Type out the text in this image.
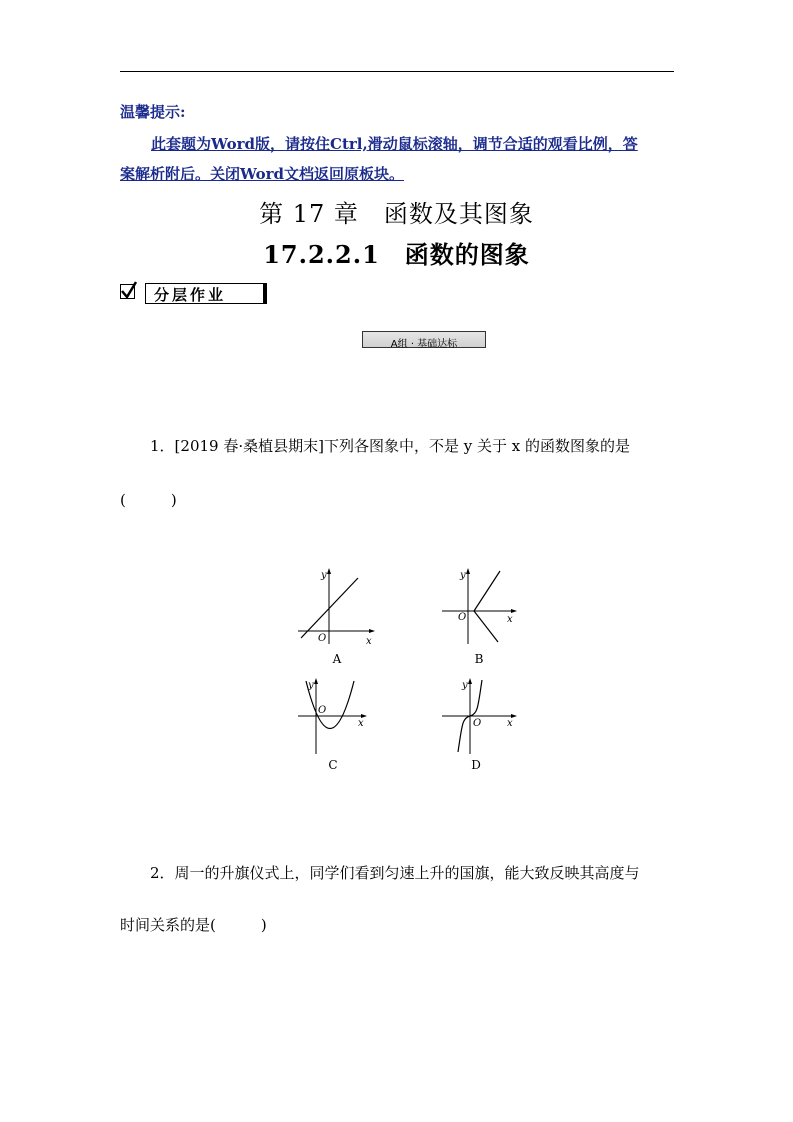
温馨提示:
此套题为Word版，请按住Ctrl,滑动鼠标滚轴，调节合适的观看比例，答
案解析附后。关闭Word文档返回原板块。
第 17 章　函数及其图象
17.2.2.1　函数的图象
分层作业
A组 · 基础达标
1．[2019 春·桑植县期末]下列各图象中，不是 y 关于 x 的函数图象的是
(　　　)
y
x
O
A
y
x
O
B
y
x
O
C
y
x
O
D
2．周一的升旗仪式上，同学们看到匀速上升的国旗，能大致反映其高度与
时间关系的是(　　　)
